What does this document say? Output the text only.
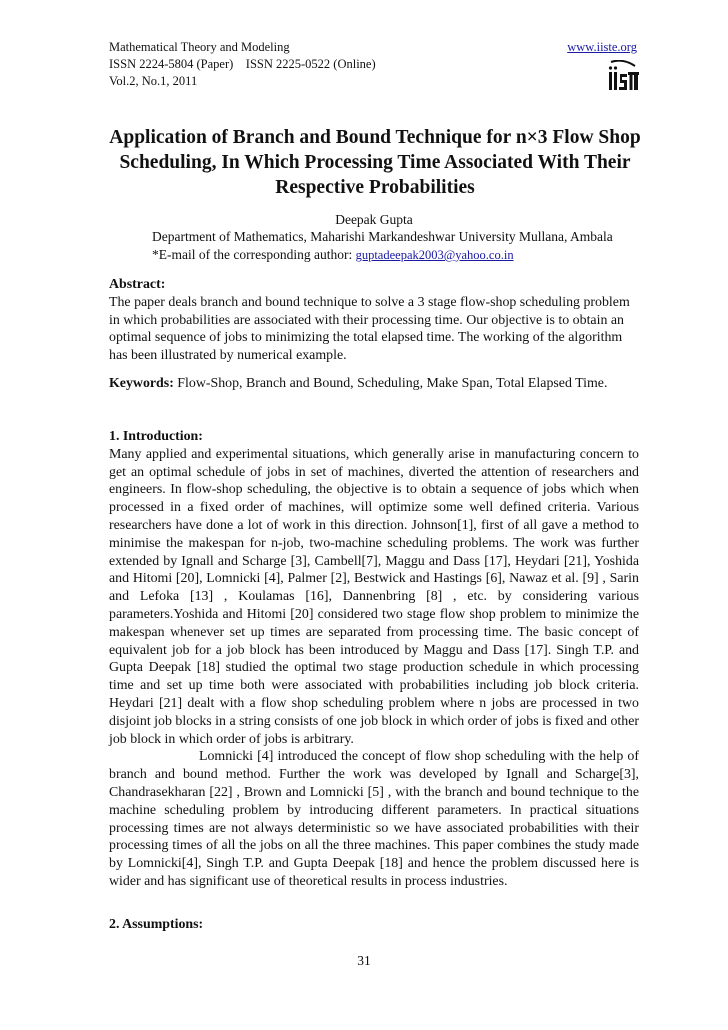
Mathematical Theory and Modeling
ISSN 2224-5804 (Paper)    ISSN 2225-0522 (Online)
Vol.2, No.1, 2011
www.iiste.org
Application of Branch and Bound Technique for n×3 Flow Shop Scheduling, In Which Processing Time Associated With Their Respective Probabilities
Deepak Gupta
Department of Mathematics, Maharishi Markandeshwar University Mullana, Ambala
*E-mail of the corresponding author: guptadeepak2003@yahoo.co.in

Abstract:

The paper deals branch and bound technique to solve a 3 stage flow-shop scheduling problem in which probabilities are associated with their processing time. Our objective is to obtain an optimal sequence of jobs to minimizing the total elapsed time. The working of the algorithm has been illustrated by numerical example.

Keywords: Flow-Shop, Branch and Bound, Scheduling, Make Span, Total Elapsed Time.

1. Introduction:

Many applied and experimental situations, which generally arise in manufacturing concern to get an optimal schedule of jobs in set of machines, diverted the attention of researchers and engineers. In flow-shop scheduling, the objective is to obtain a sequence of jobs which when processed in a fixed order of machines, will optimize some well defined criteria. Various researchers have done a lot of work in this direction. Johnson[1], first of all gave a method to minimise the makespan for n-job, two-machine scheduling problems. The work was further extended by Ignall and Scharge [3], Cambell[7], Maggu and Dass [17], Heydari [21], Yoshida and Hitomi [20], Lomnicki [4], Palmer [2], Bestwick and Hastings [6], Nawaz et al. [9] , Sarin and Lefoka [13] , Koulamas [16], Dannenbring [8] , etc. by considering various parameters.Yoshida and Hitomi [20] considered two stage flow shop problem to minimize the makespan whenever set up times are separated from processing time. The basic concept of equivalent job for a job block has been introduced by Maggu and Dass [17]. Singh T.P. and Gupta Deepak [18] studied the optimal two stage production schedule in which processing time and set up time both were associated with probabilities including job block criteria. Heydari [21] dealt with a flow shop scheduling problem where n jobs are processed in two disjoint job blocks in a string consists of one job block in which order of jobs is fixed and other job block in which order of jobs is arbitrary.

Lomnicki [4] introduced the concept of flow shop scheduling with the help of branch and bound method. Further the work was developed by Ignall and Scharge[3], Chandrasekharan [22] , Brown and Lomnicki [5] , with the branch and bound technique to the machine scheduling problem by introducing different parameters. In practical situations processing times are not always deterministic so we have associated probabilities with their processing times of all the jobs on all the three machines. This paper combines the study made by Lomnicki[4], Singh T.P. and Gupta Deepak [18] and hence the problem discussed here is wider and has significant use of theoretical results in process industries.

2. Assumptions:
31
